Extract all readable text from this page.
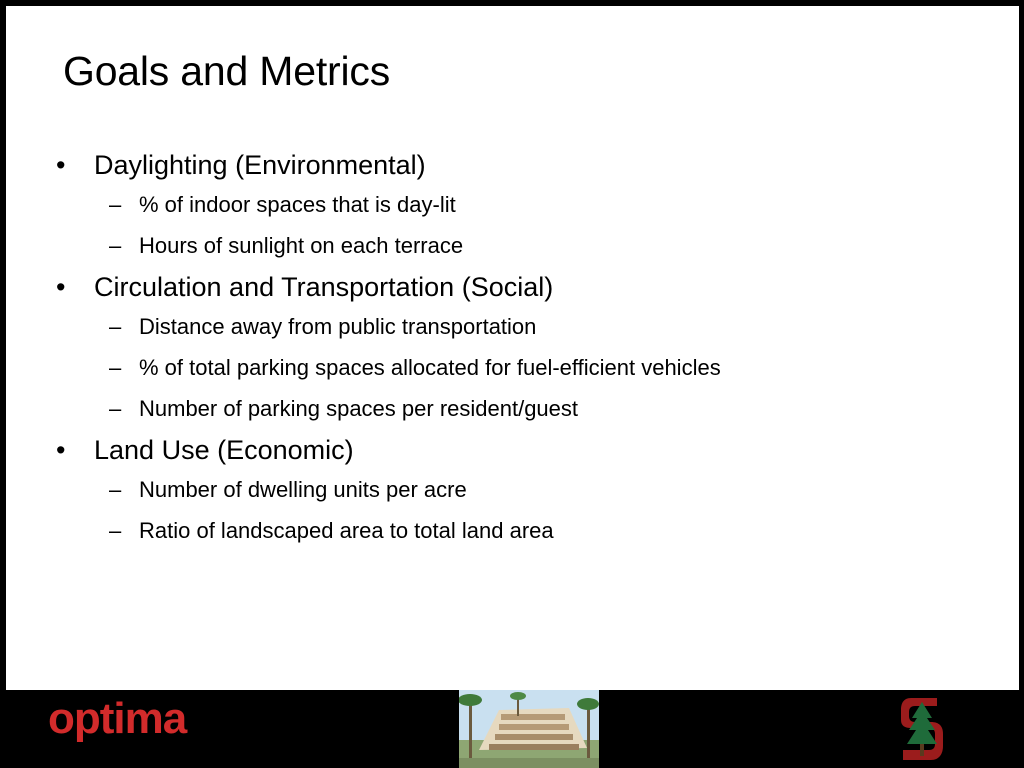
Goals and Metrics
• Daylighting (Environmental)
– % of indoor spaces that is day-lit
– Hours of sunlight on each terrace
• Circulation and Transportation (Social)
– Distance away from public transportation
– % of total parking spaces allocated for fuel-efficient vehicles
– Number of parking spaces per resident/guest
• Land Use (Economic)
– Number of dwelling units per acre
– Ratio of landscaped area to total land area
optima
